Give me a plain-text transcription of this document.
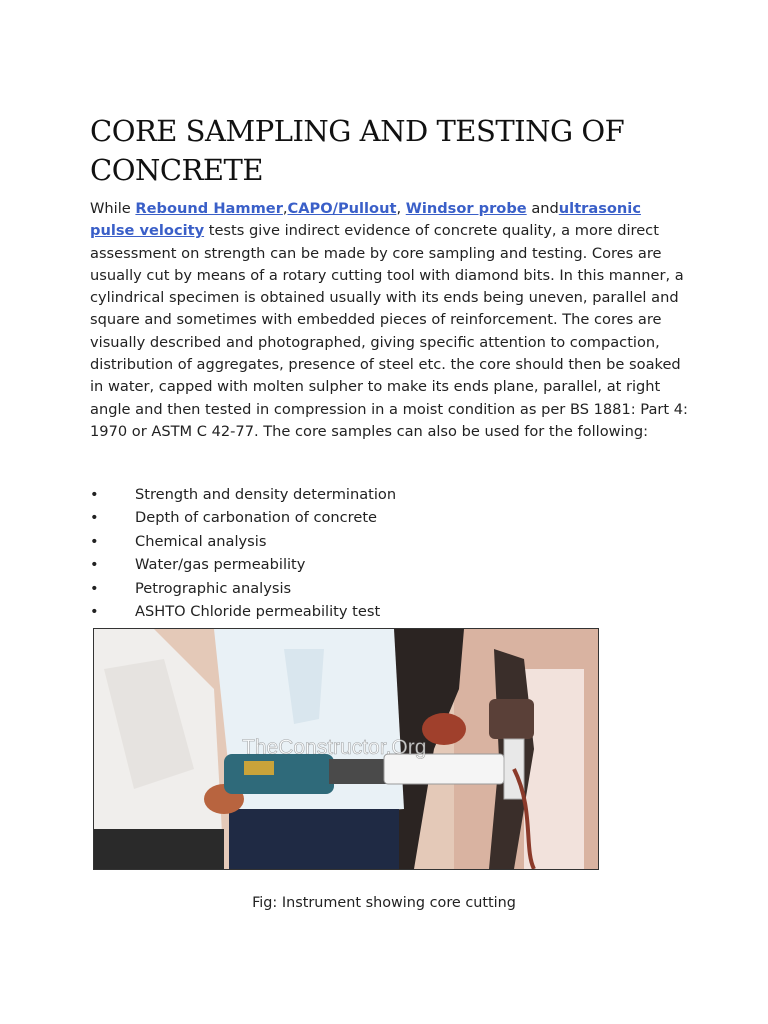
CORE SAMPLING AND TESTING OF CONCRETE

While Rebound Hammer,CAPO/Pullout, Windsor probe andultrasonic pulse velocity tests give indirect evidence of concrete quality, a more direct assessment on strength can be made by core sampling and testing. Cores are usually cut by means of a rotary cutting tool with diamond bits. In this manner, a cylindrical specimen is obtained usually with its ends being uneven, parallel and square and sometimes with embedded pieces of reinforcement. The cores are visually described and photographed, giving specific attention to compaction, distribution of aggregates, presence of steel etc. the core should then be soaked in water, capped with molten sulpher to make its ends plane, parallel, at right angle and then tested in compression in a moist condition as per BS 1881: Part 4: 1970 or ASTM C 42-77. The core samples can also be used for the following:

• Strength and density determination
• Depth of carbonation of concrete
• Chemical analysis
• Water/gas permeability
• Petrographic analysis
• ASHTO Chloride permeability test
TheConstructor.Org

Fig: Instrument showing core cutting
